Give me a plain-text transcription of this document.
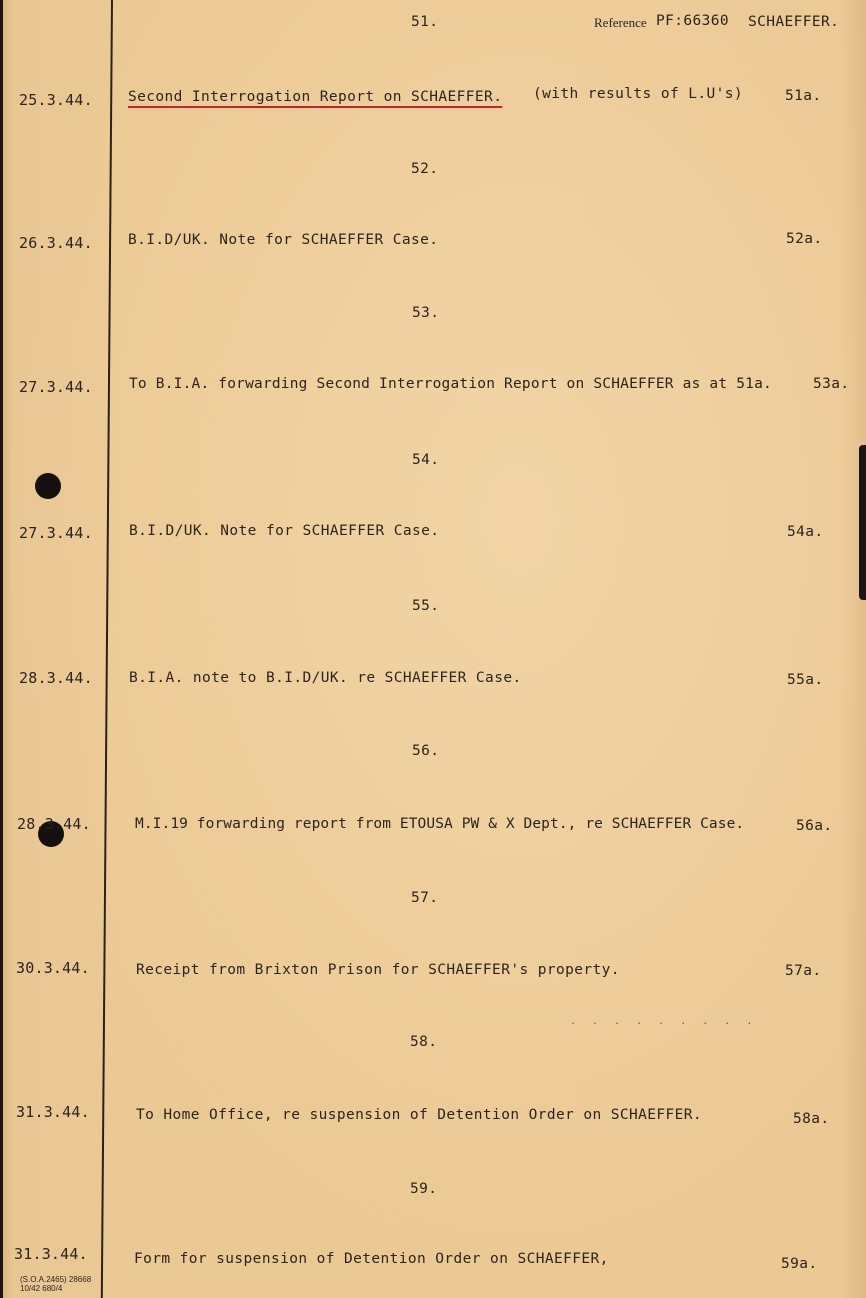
51.	Reference PF:66360 SCHAEFFER.
25.3.44. Second Interrogation Report on SCHAEFFER. (with results of L.U's)	51a.
52.
26.3.44. B.I.D/UK. Note for SCHAEFFER Case.	52a.
53.
27.3.44. To B.I.A. forwarding Second Interrogation Report on SCHAEFFER as at 51a.	53a.
54.
27.3.44. B.I.D/UK. Note for SCHAEFFER Case.	54a.
55.
28.3.44. B.I.A. note to B.I.D/UK. re SCHAEFFER Case.	55a.
56.
28.3.44.	M.I.19 forwarding report from ETOUSA PW & X Dept., re SCHAEFFER Case.	56a.
57.
30.3.44.	Receipt from Brixton Prison for SCHAEFFER's property.	57a.
. . . . . . . . .
58.
31.3.44.	To Home Office, re suspension of Detention Order on SCHAEFFER.	58a.
59.
31.3.44.	Form for suspension of Detention Order on SCHAEFFER,	59a.
(S.O.A.2465) 28668
10/42 680/4
